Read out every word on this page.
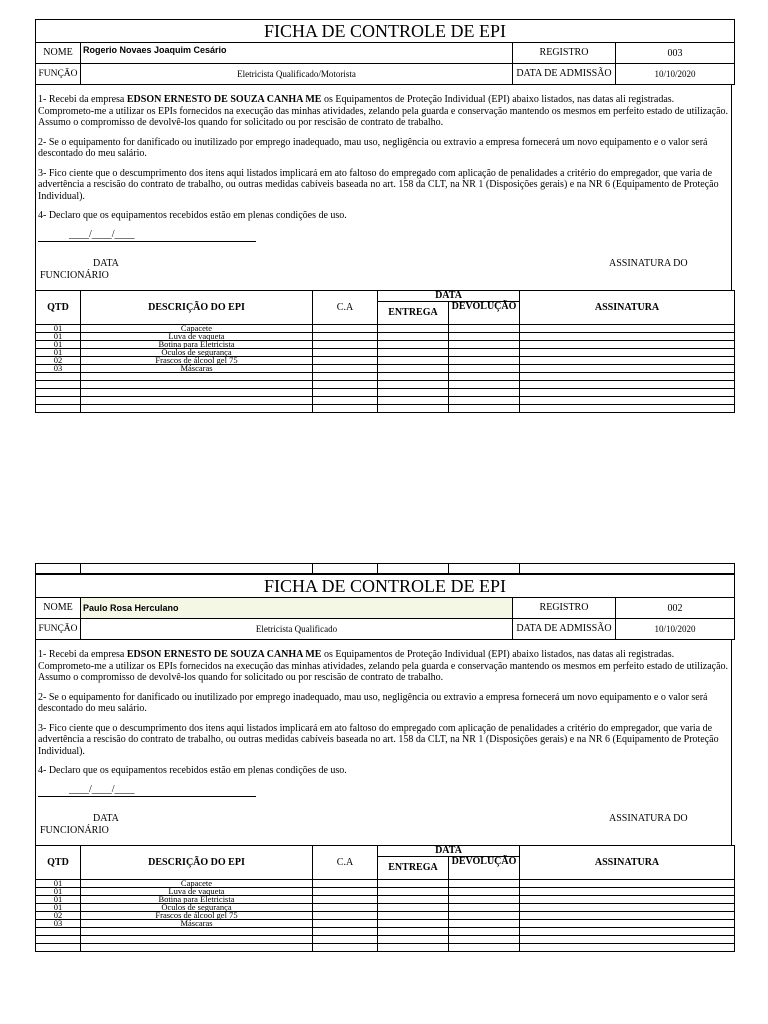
FICHA DE CONTROLE DE EPI			
NOME	Rogerio Novaes Joaquim Cesário	REGISTRO	003
FUNÇÃO	Eletricista Qualificado/Motorista	DATA DE ADMISSÃO	10/10/2020

1- Recebi da empresa EDSON ERNESTO DE SOUZA CANHA ME os Equipamentos de Proteção Individual (EPI) abaixo listados, nas datas ali registradas. Comprometo-me a utilizar os EPIs fornecidos na execução das minhas atividades, zelando pela guarda e conservação mantendo os mesmos em perfeito estado de utilização. Assumo o compromisso de devolvê-los quando for solicitado ou por rescisão de contrato de trabalho.

2- Se o equipamento for danificado ou inutilizado por emprego inadequado, mau uso, negligência ou extravio a empresa fornecerá um novo equipamento e o valor será descontado do meu salário.

3- Fico ciente que o descumprimento dos itens aqui listados implicará em ato faltoso do empregado com aplicação de penalidades a critério do empregador, que varia de advertência a rescisão do contrato de trabalho, ou outras medidas cabíveis baseada no art. 158 da CLT, na NR 1 (Disposições gerais) e na NR 6 (Equipamento de Proteção Individual).

4- Declaro que os equipamentos recebidos estão em plenas condições de uso.

____/____/____
DATA
FUNCIONÁRIO
ASSINATURA DO
QTD	DESCRIÇÃO DO EPI	C.A	DATA		ASSINATURA
			ENTREGA	DEVOLUÇÃO	
01	Capacete				
01	Luva de vaqueta				
01	Botina para Eletricista				
01	Oculos de segurança				
02	Frascos de álcool gel 75				
03	Máscaras				

FICHA DE CONTROLE DE EPI			
NOME	Paulo Rosa Herculano	REGISTRO	002
FUNÇÃO	Eletricista Qualificado	DATA DE ADMISSÃO	10/10/2020

1- Recebi da empresa EDSON ERNESTO DE SOUZA CANHA ME os Equipamentos de Proteção Individual (EPI) abaixo listados, nas datas ali registradas. Comprometo-me a utilizar os EPIs fornecidos na execução das minhas atividades, zelando pela guarda e conservação mantendo os mesmos em perfeito estado de utilização. Assumo o compromisso de devolvê-los quando for solicitado ou por rescisão de contrato de trabalho.

2- Se o equipamento for danificado ou inutilizado por emprego inadequado, mau uso, negligência ou extravio a empresa fornecerá um novo equipamento e o valor será descontado do meu salário.

3- Fico ciente que o descumprimento dos itens aqui listados implicará em ato faltoso do empregado com aplicação de penalidades a critério do empregador, que varia de advertência a rescisão do contrato de trabalho, ou outras medidas cabíveis baseada no art. 158 da CLT, na NR 1 (Disposições gerais) e na NR 6 (Equipamento de Proteção Individual).

4- Declaro que os equipamentos recebidos estão em plenas condições de uso.

____/____/____
DATA
FUNCIONÁRIO
ASSINATURA DO
QTD	DESCRIÇÃO DO EPI	C.A	DATA		ASSINATURA
			ENTREGA	DEVOLUÇÃO	
01	Capacete				
01	Luva de vaqueta				
01	Botina para Eletricista				
01	Oculos de segurança				
02	Frascos de álcool gel 75				
03	Máscaras				
